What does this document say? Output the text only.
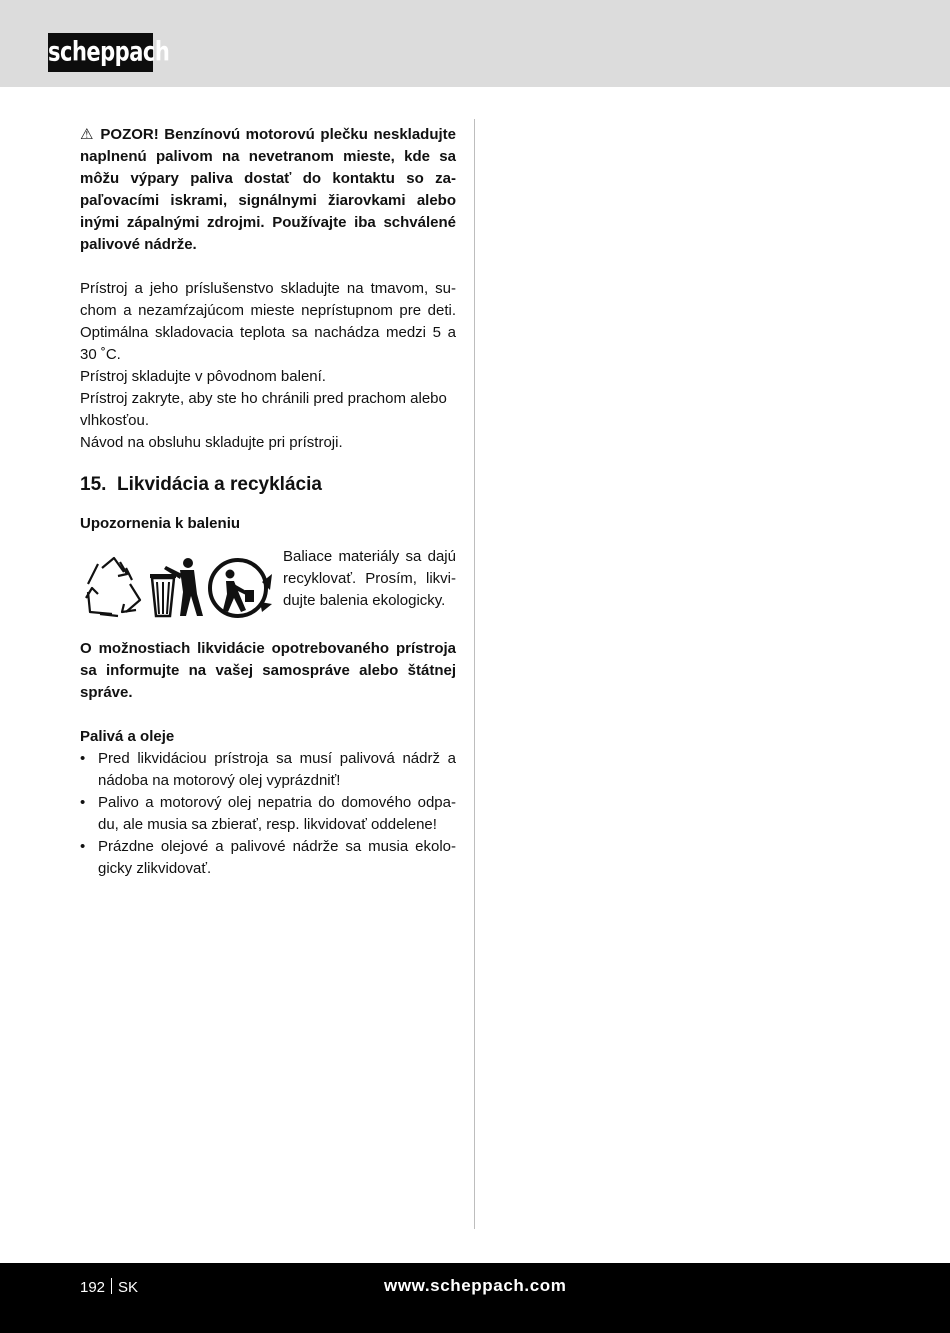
scheppach

⚠ POZOR! Benzínovú motorovú plečku neskladujte naplnenú palivom na nevetranom mieste, kde sa môžu výpary paliva dostať do kontaktu so zapaľovacími iskrami, signálnymi žiarovkami alebo inými zápalnými zdrojmi. Používajte iba schválené palivové nádrže.

Prístroj a jeho príslušenstvo skladujte na tmavom, suchom a nezamŕzajúcom mieste neprístupnom pre deti. Optimálna skladovacia teplota sa nachádza medzi 5 a 30 ˚C.

Prístroj skladujte v pôvodnom balení.

Prístroj zakryte, aby ste ho chránili pred prachom alebo vlhkosťou.

Návod na obsluhu skladujte pri prístroji.

15. Likvidácia a recyklácia

Upozornenia k baleniu

Baliace materiály sa dajú recyklovať. Prosím, likvidujte balenia ekologicky.

O možnostiach likvidácie opotrebovaného prístroja sa informujte na vašej samospráve alebo štátnej správe.

Palivá a oleje

• Pred likvidáciou prístroja sa musí palivová nádrž a nádoba na motorový olej vyprázdniť!
• Palivo a motorový olej nepatria do domového odpadu, ale musia sa zbierať, resp. likvidovať oddelene!
• Prázdne olejové a palivové nádrže sa musia ekologicky zlikvidovať.
192 SK	www.scheppach.com
